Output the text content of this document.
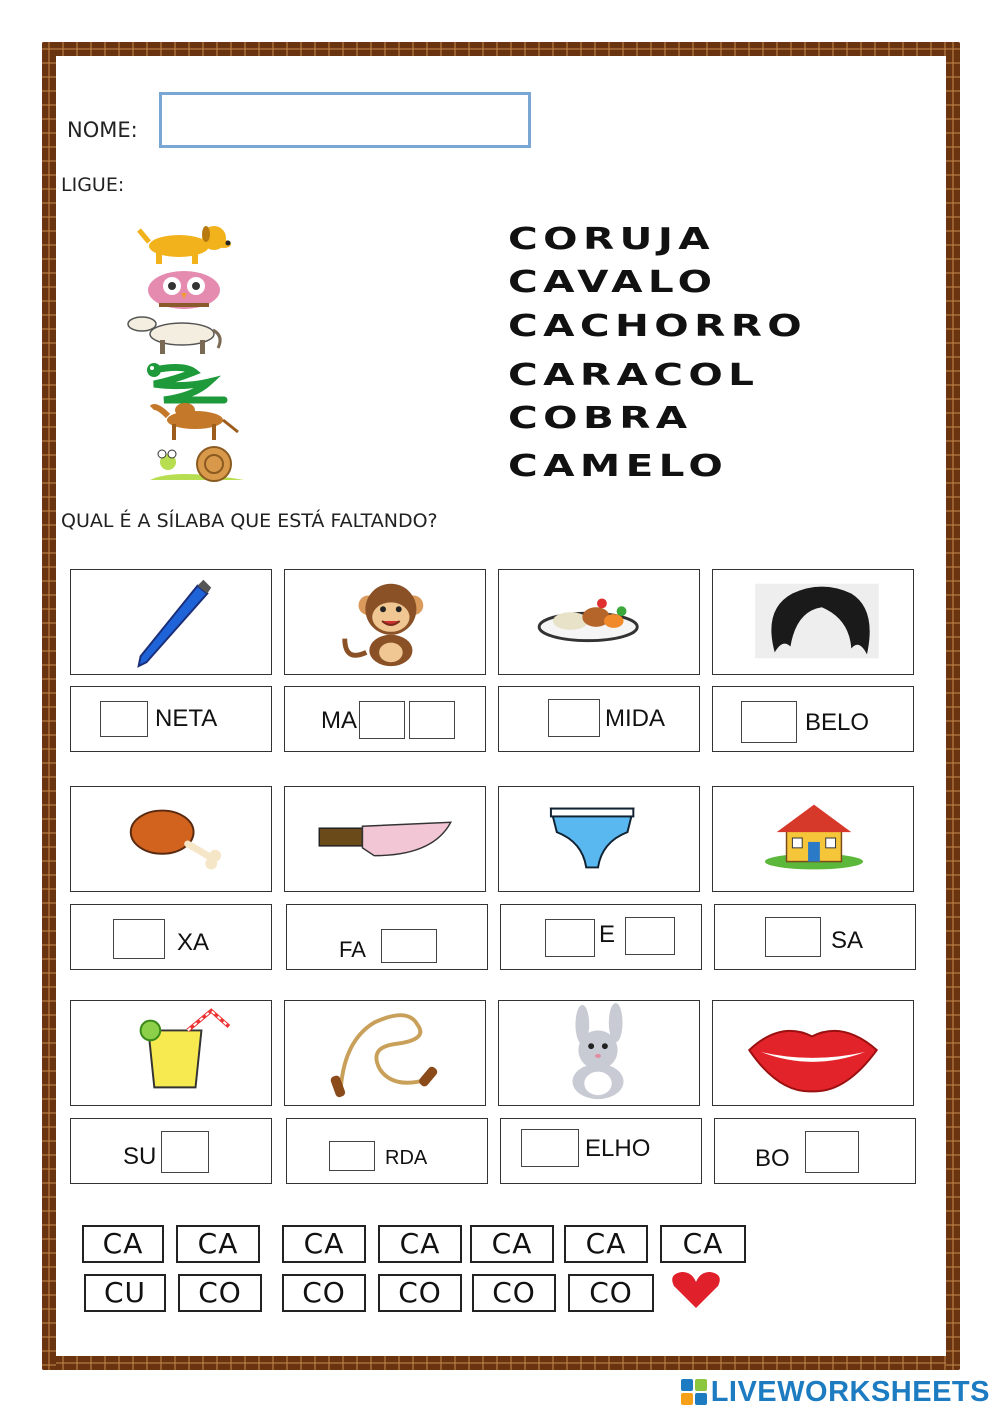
NOME:
LIGUE:
CORUJA
CAVALO
CACHORRO
CARACOL
COBRA
CAMELO
QUAL É A SÍLABA QUE ESTÁ FALTANDO?
NETA	MA	MIDA	BELO
XA	FA
E	SA
SU	RDA	ELHO	BO
CA	CA	CA	CA	CA	CA	CA
CU	CO	CO	CO	CO	CO
LIVEWORKSHEETS
